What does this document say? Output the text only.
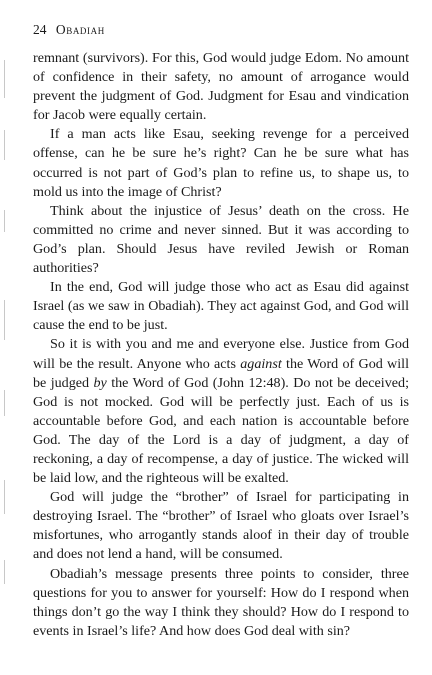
24 Obadiah

remnant (survivors). For this, God would judge Edom. No amount of confidence in their safety, no amount of arrogance would prevent the judgment of God. Judgment for Esau and vindication for Jacob were equally certain.

If a man acts like Esau, seeking revenge for a perceived offense, can he be sure he’s right? Can he be sure what has occurred is not part of God’s plan to refine us, to shape us, to mold us into the image of Christ?

Think about the injustice of Jesus’ death on the cross. He committed no crime and never sinned. But it was according to God’s plan. Should Jesus have reviled Jewish or Roman authorities?

In the end, God will judge those who act as Esau did against Israel (as we saw in Obadiah). They act against God, and God will cause the end to be just.

So it is with you and me and everyone else. Justice from God will be the result. Anyone who acts against the Word of God will be judged by the Word of God (John 12:48). Do not be deceived; God is not mocked. God will be perfectly just. Each of us is accountable before God, and each nation is accountable before God. The day of the Lord is a day of judgment, a day of reckoning, a day of recompense, a day of justice. The wicked will be laid low, and the righteous will be exalted.

God will judge the “brother” of Israel for participating in destroying Israel. The “brother” of Israel who gloats over Israel’s misfortunes, who arrogantly stands aloof in their day of trouble and does not lend a hand, will be consumed.

Obadiah’s message presents three points to consider, three questions for you to answer for yourself: How do I respond when things don’t go the way I think they should? How do I respond to events in Israel’s life? And how does God deal with sin?
